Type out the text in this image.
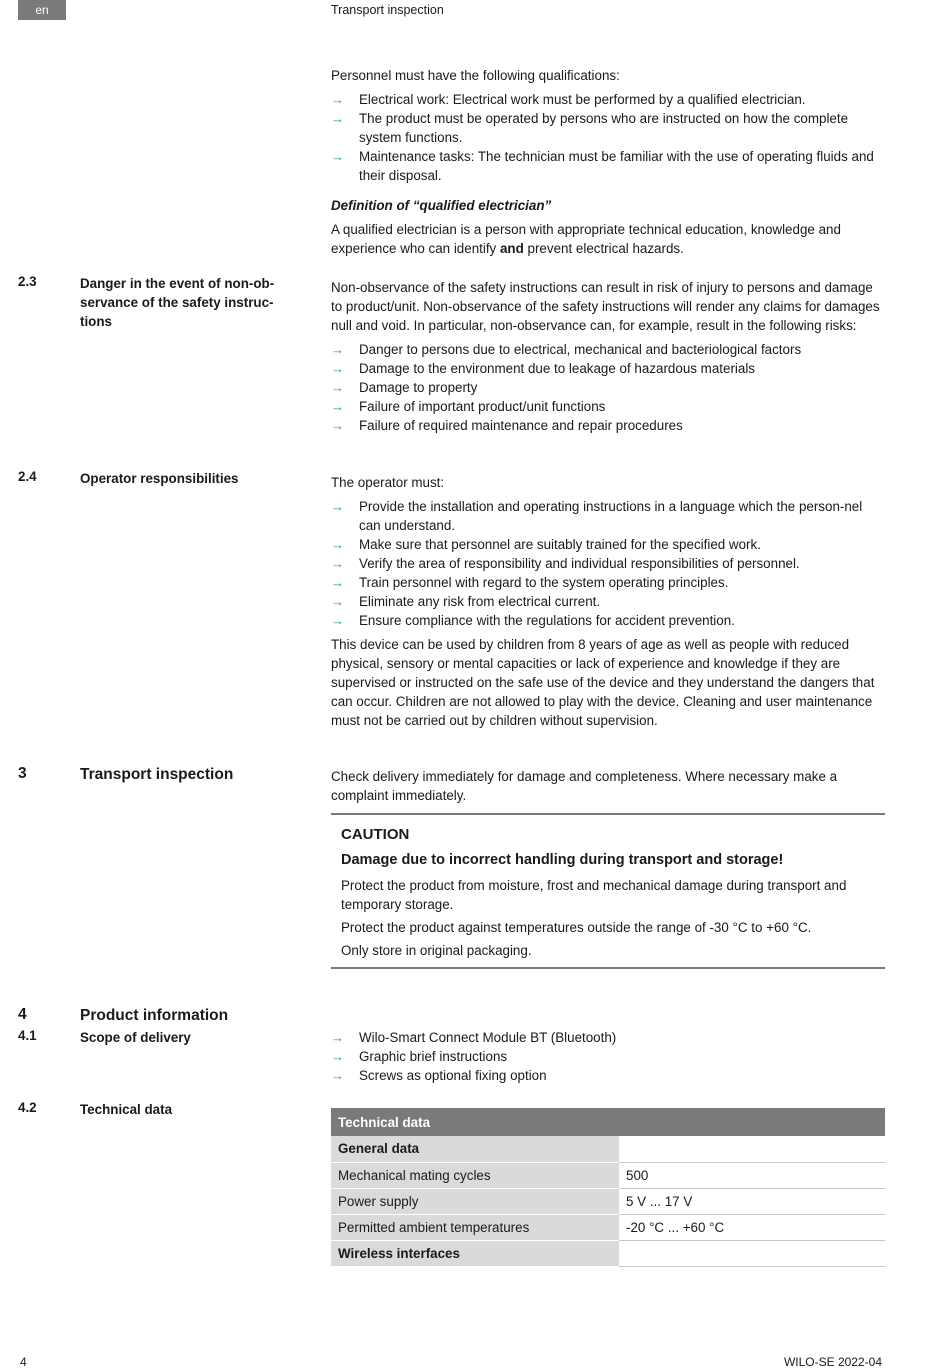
en	Transport inspection

Personnel must have the following qualifications:

→ Electrical work: Electrical work must be performed by a qualified electrician.
→ The product must be operated by persons who are instructed on how the complete system functions.
→ Maintenance tasks: The technician must be familiar with the use of operating fluids and their disposal.

Definition of “qualified electrician”

A qualified electrician is a person with appropriate technical education, knowledge and experience who can identify and prevent electrical hazards.

2.3	Danger in the event of non-ob-servance of the safety instruc-tions

Non-observance of the safety instructions can result in risk of injury to persons and damage to product/unit. Non-observance of the safety instructions will render any claims for damages null and void. In particular, non-observance can, for example, result in the following risks:

→ Danger to persons due to electrical, mechanical and bacteriological factors
→ Damage to the environment due to leakage of hazardous materials
→ Damage to property
→ Failure of important product/unit functions
→ Failure of required maintenance and repair procedures
2.4	Operator responsibilities	The operator must:

→ Provide the installation and operating instructions in a language which the person-nel can understand.
→ Make sure that personnel are suitably trained for the specified work.
→ Verify the area of responsibility and individual responsibilities of personnel.
→ Train personnel with regard to the system operating principles.
→ Eliminate any risk from electrical current.
→ Ensure compliance with the regulations for accident prevention.

This device can be used by children from 8 years of age as well as people with reduced physical, sensory or mental capacities or lack of experience and knowledge if they are supervised or instructed on the safe use of the device and they understand the dangers that can occur. Children are not allowed to play with the device. Cleaning and user maintenance must not be carried out by children without supervision.

3	Transport inspection	Check delivery immediately for damage and completeness. Where necessary make a complaint immediately.

CAUTION
Damage due to incorrect handling during transport and storage!

Protect the product from moisture, frost and mechanical damage during transport and temporary storage.

Protect the product against temperatures outside the range of -30 °C to +60 °C.

Only store in original packaging.

4	Product information
4.1	Scope of delivery	→ Wilo-Smart Connect Module BT (Bluetooth)
→ Graphic brief instructions
→ Screws as optional fixing option
4.2	Technical data
Technical data	
General data	
Mechanical mating cycles	500
Power supply	5 V ... 17 V
Permitted ambient temperatures	-20 °C ... +60 °C
Wireless interfaces	
4	WILO-SE 2022-04
